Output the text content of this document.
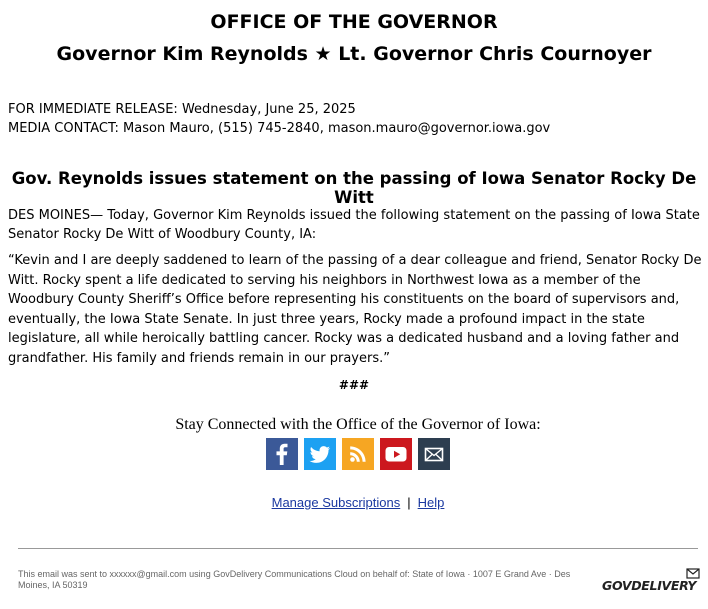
OFFICE OF THE GOVERNOR
Governor Kim Reynolds ★ Lt. Governor Chris Cournoyer
FOR IMMEDIATE RELEASE: Wednesday, June 25, 2025
MEDIA CONTACT: Mason Mauro, (515) 745-2840, mason.mauro@governor.iowa.gov
Gov. Reynolds issues statement on the passing of Iowa Senator Rocky De Witt
DES MOINES— Today, Governor Kim Reynolds issued the following statement on the passing of Iowa State Senator Rocky De Witt of Woodbury County, IA:
“Kevin and I are deeply saddened to learn of the passing of a dear colleague and friend, Senator Rocky De Witt. Rocky spent a life dedicated to serving his neighbors in Northwest Iowa as a member of the Woodbury County Sheriff’s Office before representing his constituents on the board of supervisors and, eventually, the Iowa State Senate. In just three years, Rocky made a profound impact in the state legislature, all while heroically battling cancer. Rocky was a dedicated husband and a loving father and grandfather. His family and friends remain in our prayers.”
###
Stay Connected with the Office of the Governor of Iowa:
Manage Subscriptions | Help
This email was sent to xxxxxx@gmail.com using GovDelivery Communications Cloud on behalf of: State of Iowa · 1007 E Grand Ave · Des Moines, IA 50319	GOVDELIVERY
